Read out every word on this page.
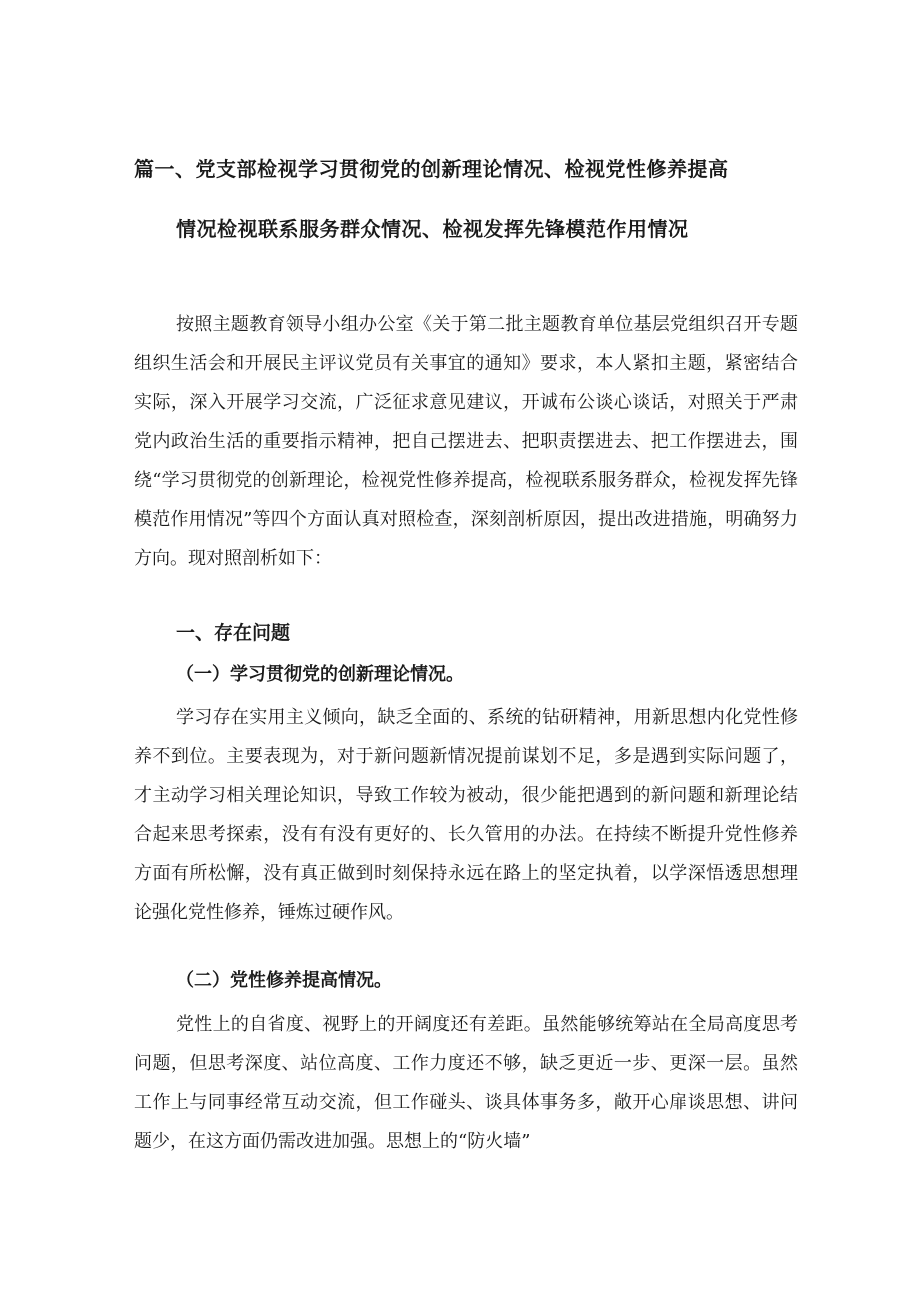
篇一、党支部检视学习贯彻党的创新理论情况、检视党性修养提高
情况检视联系服务群众情况、检视发挥先锋模范作用情况

按照主题教育领导小组办公室《关于第二批主题教育单位基层党组织召开专题组织生活会和开展民主评议党员有关事宜的通知》要求，本人紧扣主题，紧密结合实际，深入开展学习交流，广泛征求意见建议，开诚布公谈心谈话，对照关于严肃党内政治生活的重要指示精神，把自己摆进去、把职责摆进去、把工作摆进去，围绕“学习贯彻党的创新理论，检视党性修养提高，检视联系服务群众，检视发挥先锋模范作用情况”等四个方面认真对照检查，深刻剖析原因，提出改进措施，明确努力方向。现对照剖析如下：

一、存在问题
（一）学习贯彻党的创新理论情况。

学习存在实用主义倾向，缺乏全面的、系统的钻研精神，用新思想内化党性修养不到位。主要表现为，对于新问题新情况提前谋划不足，多是遇到实际问题了，才主动学习相关理论知识，导致工作较为被动，很少能把遇到的新问题和新理论结合起来思考探索，没有有没有更好的、长久管用的办法。在持续不断提升党性修养方面有所松懈，没有真正做到时刻保持永远在路上的坚定执着，以学深悟透思想理论强化党性修养，锤炼过硬作风。

（二）党性修养提高情况。

党性上的自省度、视野上的开阔度还有差距。虽然能够统筹站在全局高度思考问题，但思考深度、站位高度、工作力度还不够，缺乏更近一步、更深一层。虽然工作上与同事经常互动交流，但工作碰头、谈具体事务多，敞开心扉谈思想、讲问题少，在这方面仍需改进加强。思想上的“防火墙”
